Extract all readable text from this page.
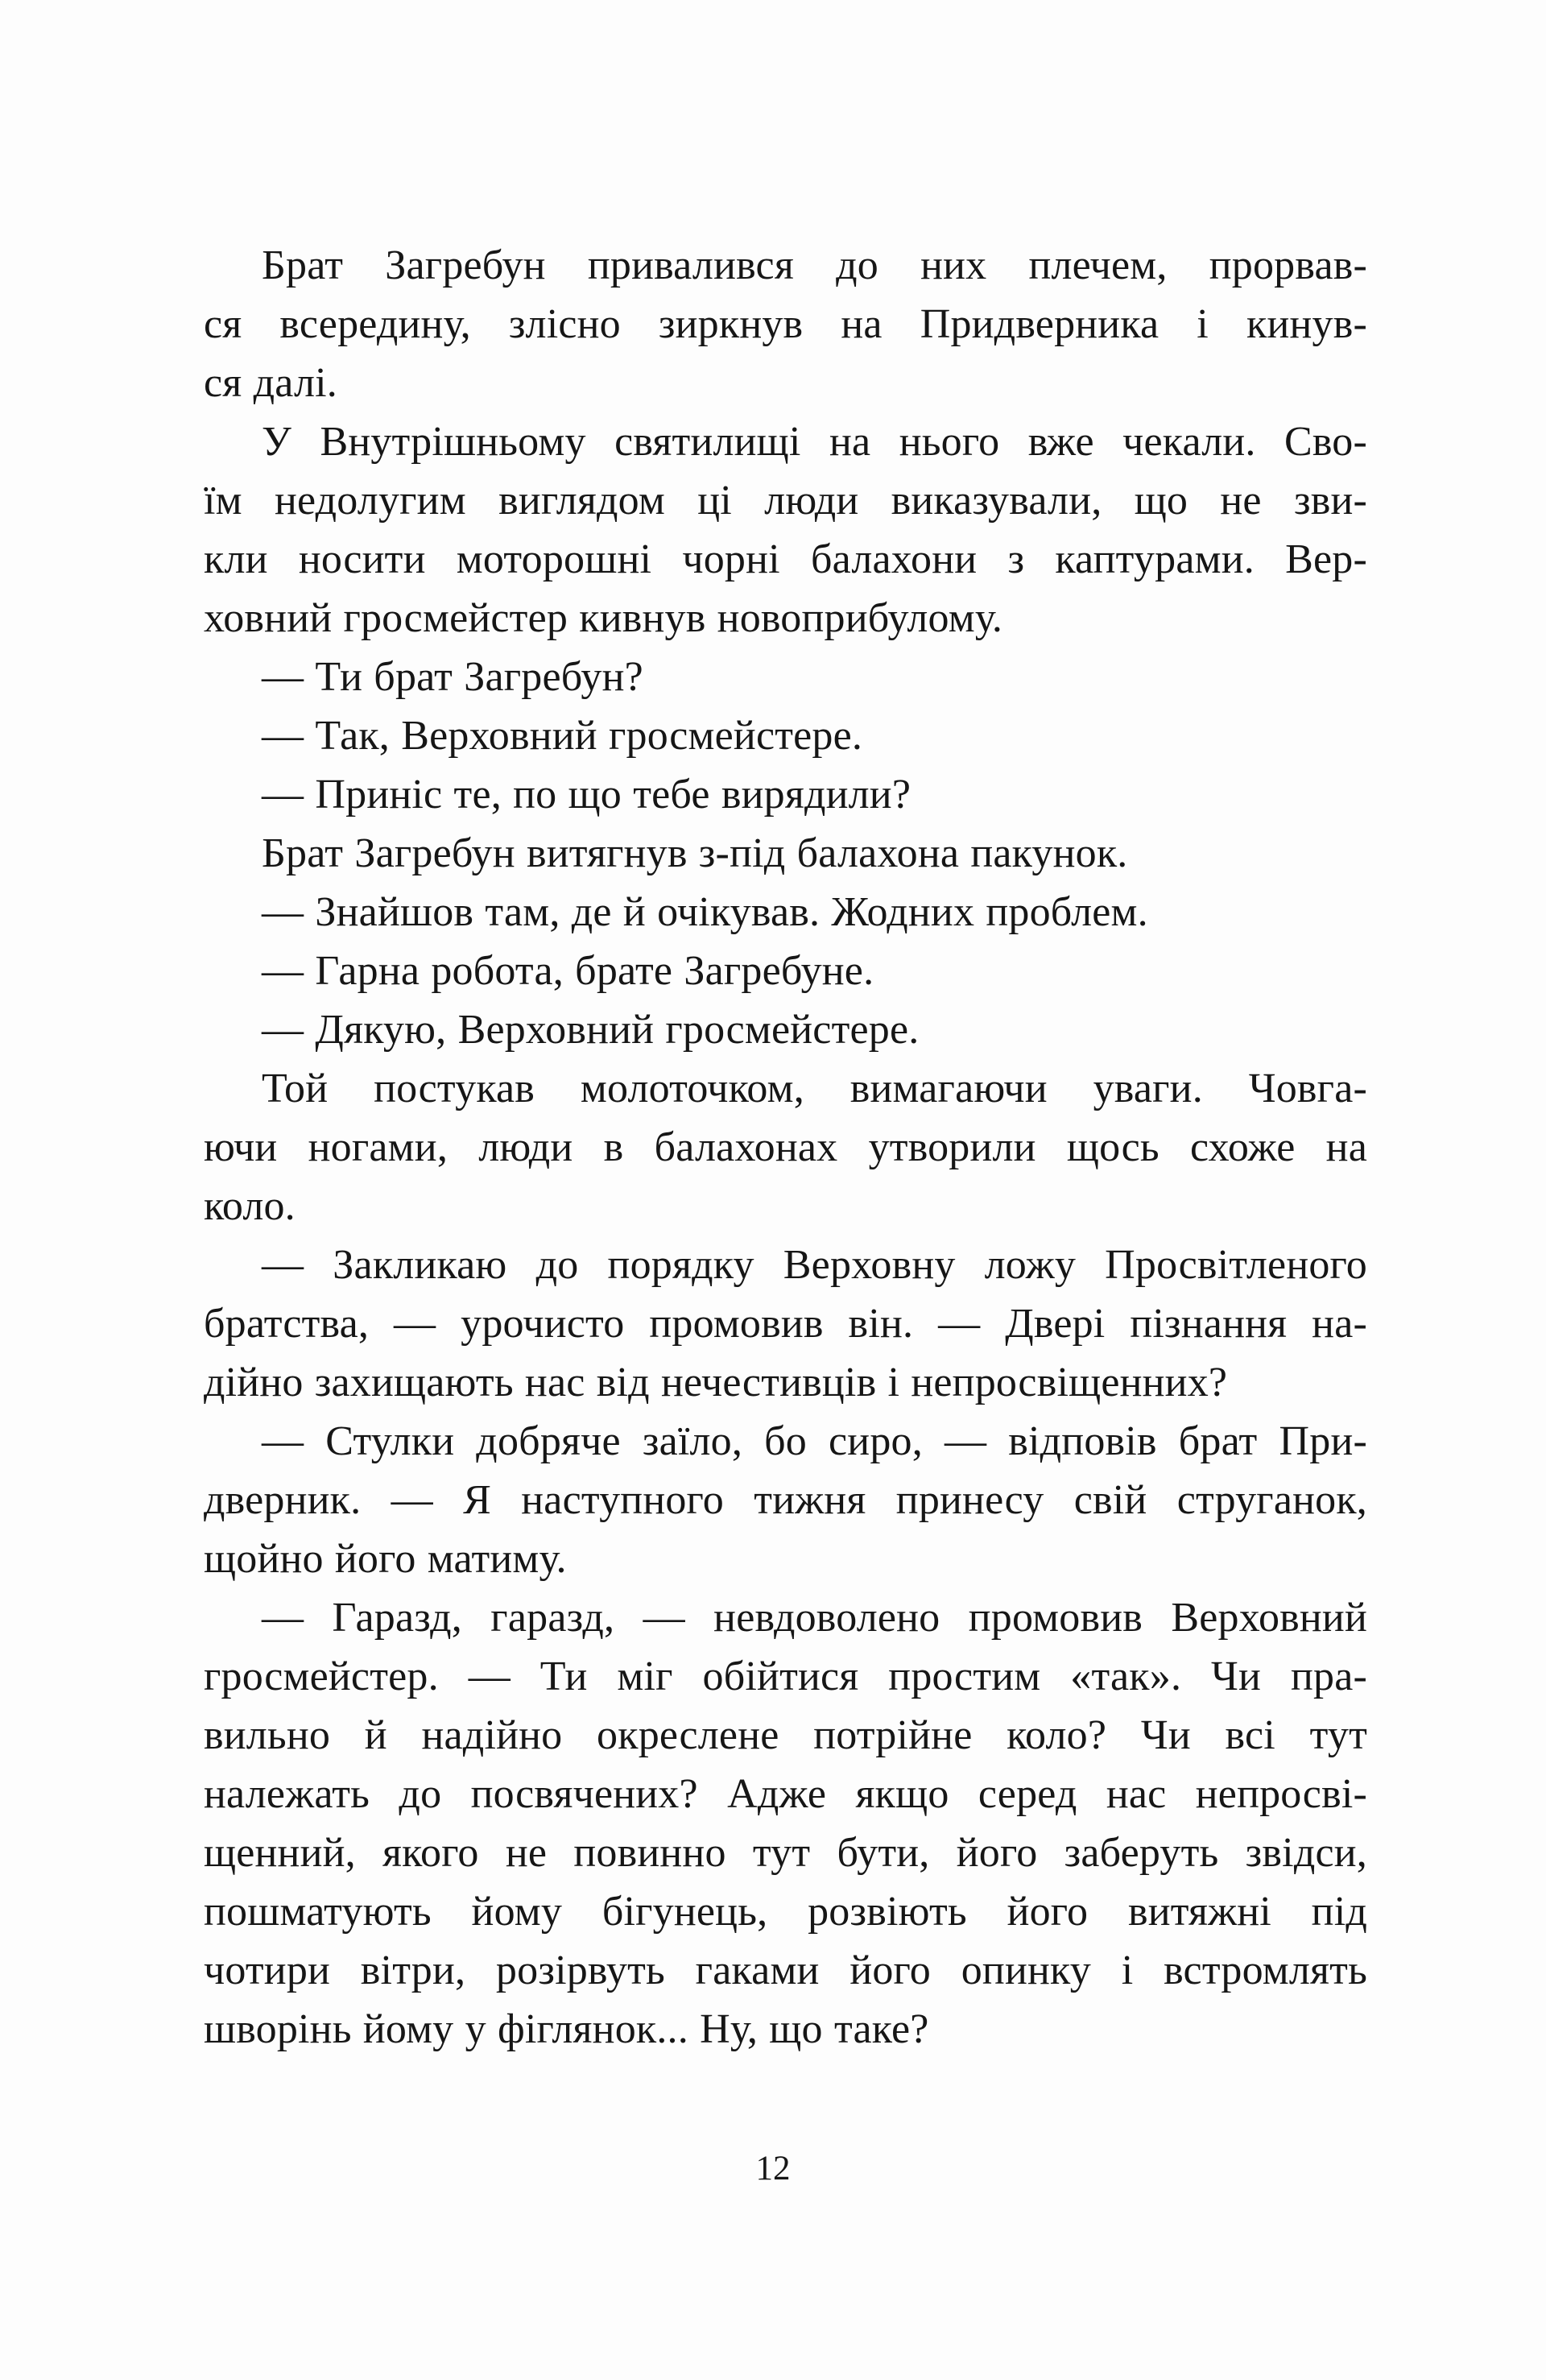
Брат Загребун привалився до них плечем, прорвав-
ся всередину, злісно зиркнув на Придверника і кинув-
ся далі.
У Внутрішньому святилищі на нього вже чекали. Сво-
їм недолугим виглядом ці люди виказували, що не зви-
кли носити моторошні чорні балахони з каптурами. Вер-
ховний гросмейстер кивнув новоприбулому.
— Ти брат Загребун?
— Так, Верховний гросмейстере.
— Приніс те, по що тебе вирядили?
Брат Загребун витягнув з-під балахона пакунок.
— Знайшов там, де й очікував. Жодних проблем.
— Гарна робота, брате Загребуне.
— Дякую, Верховний гросмейстере.
Той постукав молоточком, вимагаючи уваги. Човга-
ючи ногами, люди в балахонах утворили щось схоже на
коло.
— Закликаю до порядку Верховну ложу Просвітленого
братства, — урочисто промовив він. — Двері пізнання на-
дійно захищають нас від нечестивців і непросвіщенних?
— Стулки добряче заїло, бо сиро, — відповів брат При-
дверник. — Я наступного тижня принесу свій струганок,
щойно його матиму.
— Гаразд, гаразд, — невдоволено промовив Верховний
гросмейстер. — Ти міг обійтися простим «так». Чи пра-
вильно й надійно окреслене потрійне коло? Чи всі тут
належать до посвячених? Адже якщо серед нас непросві-
щенний, якого не повинно тут бути, його заберуть звідси,
пошматують йому бігунець, розвіють його витяжні під
чотири вітри, розірвуть гаками його опинку і встромлять
шворінь йому у фіглянок... Ну, що таке?
12
